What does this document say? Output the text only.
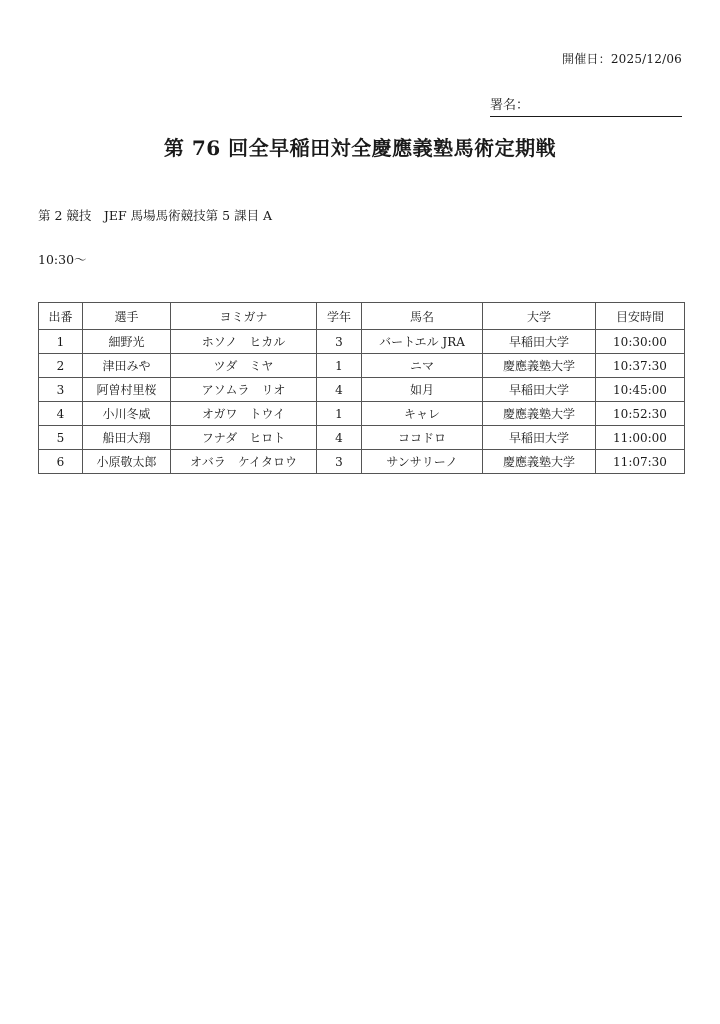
開催日：2025/12/06
署名：
第 76 回全早稲田対全慶應義塾馬術定期戦
第 2 競技　JEF 馬場馬術競技第 5 課目 A
10:30～
出番	選手	ヨミガナ	学年	馬名	大学	目安時間
1	細野光	ホソノ　ヒカル	3	バートエル JRA	早稲田大学	10:30:00
2	津田みや	ツダ　ミヤ	1	ニマ	慶應義塾大学	10:37:30
3	阿曽村里桜	アソムラ　リオ	4	如月	早稲田大学	10:45:00
4	小川冬威	オガワ　トウイ	1	キャレ	慶應義塾大学	10:52:30
5	船田大翔	フナダ　ヒロト	4	ココドロ	早稲田大学	11:00:00
6	小原敬太郎	オバラ　ケイタロウ	3	サンサリーノ	慶應義塾大学	11:07:30
